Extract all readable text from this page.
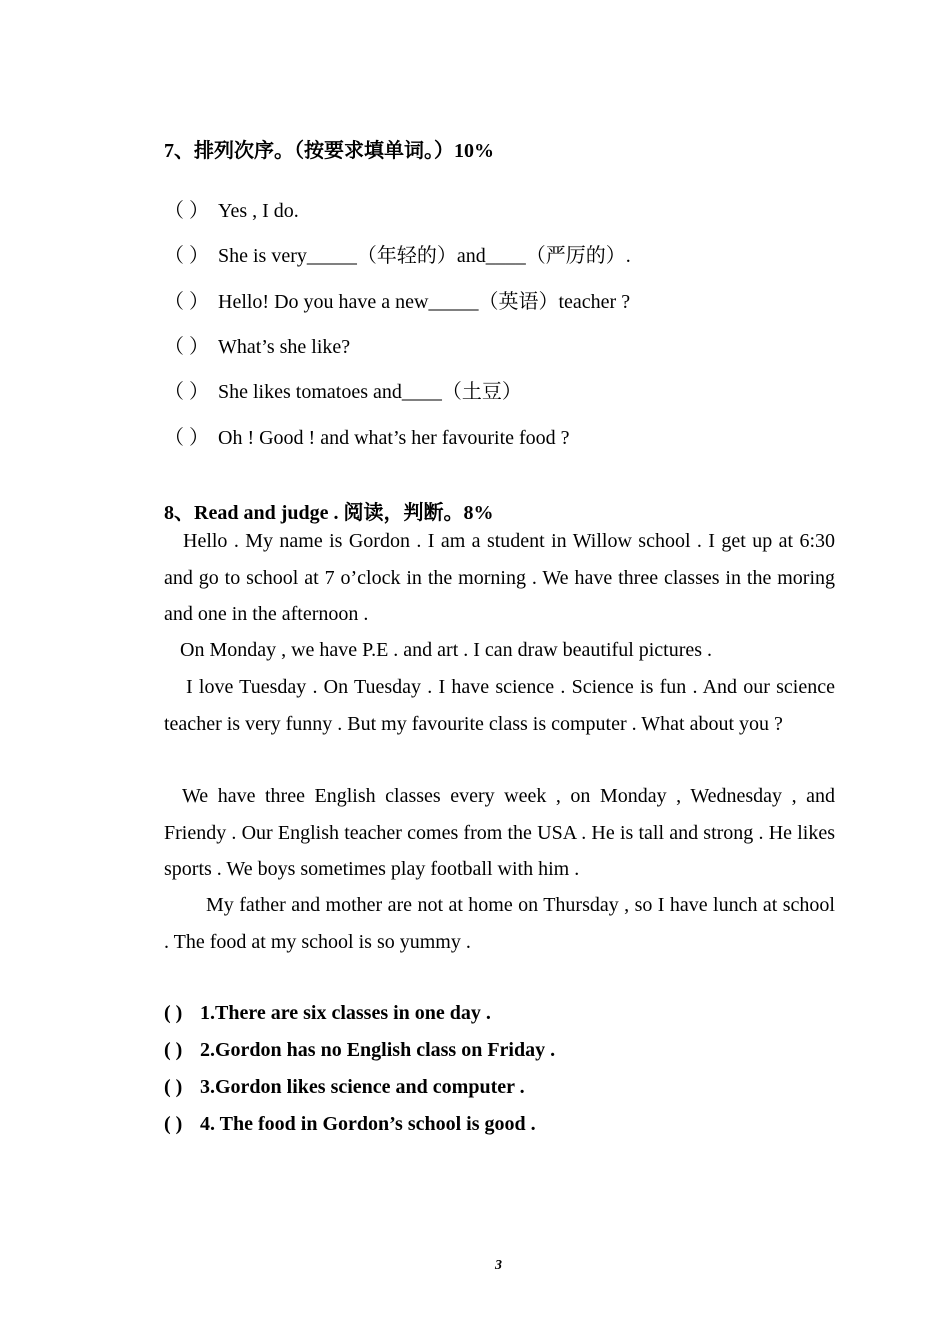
7、排列次序。（按要求填单词。）10%
（ ） Yes , I do.
（ ） She is very_____（年轻的）and____（严厉的）.
（ ） Hello! Do you have a new_____（英语）teacher ?
（ ） What’s she like?
（ ） She likes tomatoes and____（土豆）
（ ） Oh ! Good ! and what’s her favourite food ?
8、Read and judge . 阅读，判断。8%

Hello . My name is Gordon . I am a student in Willow school . I get up at 6:30 and go to school at 7 o’clock in the morning . We have three classes in the moring and one in the afternoon .

On Monday , we have P.E . and art . I can draw beautiful pictures .

I love Tuesday . On Tuesday . I have science . Science is fun . And our science teacher is very funny . But my favourite class is computer . What about you ?

We have three English classes every week , on Monday , Wednesday , and Friendy . Our English teacher comes from the USA . He is tall and strong . He likes sports . We boys sometimes play football with him .

My father and mother are not at home on Thursday , so I have lunch at school . The food at my school is so yummy .

( ) 1.There are six classes in one day .
( ) 2.Gordon has no English class on Friday .
( ) 3.Gordon likes science and computer .
( ) 4. The food in Gordon’s school is good .
3
